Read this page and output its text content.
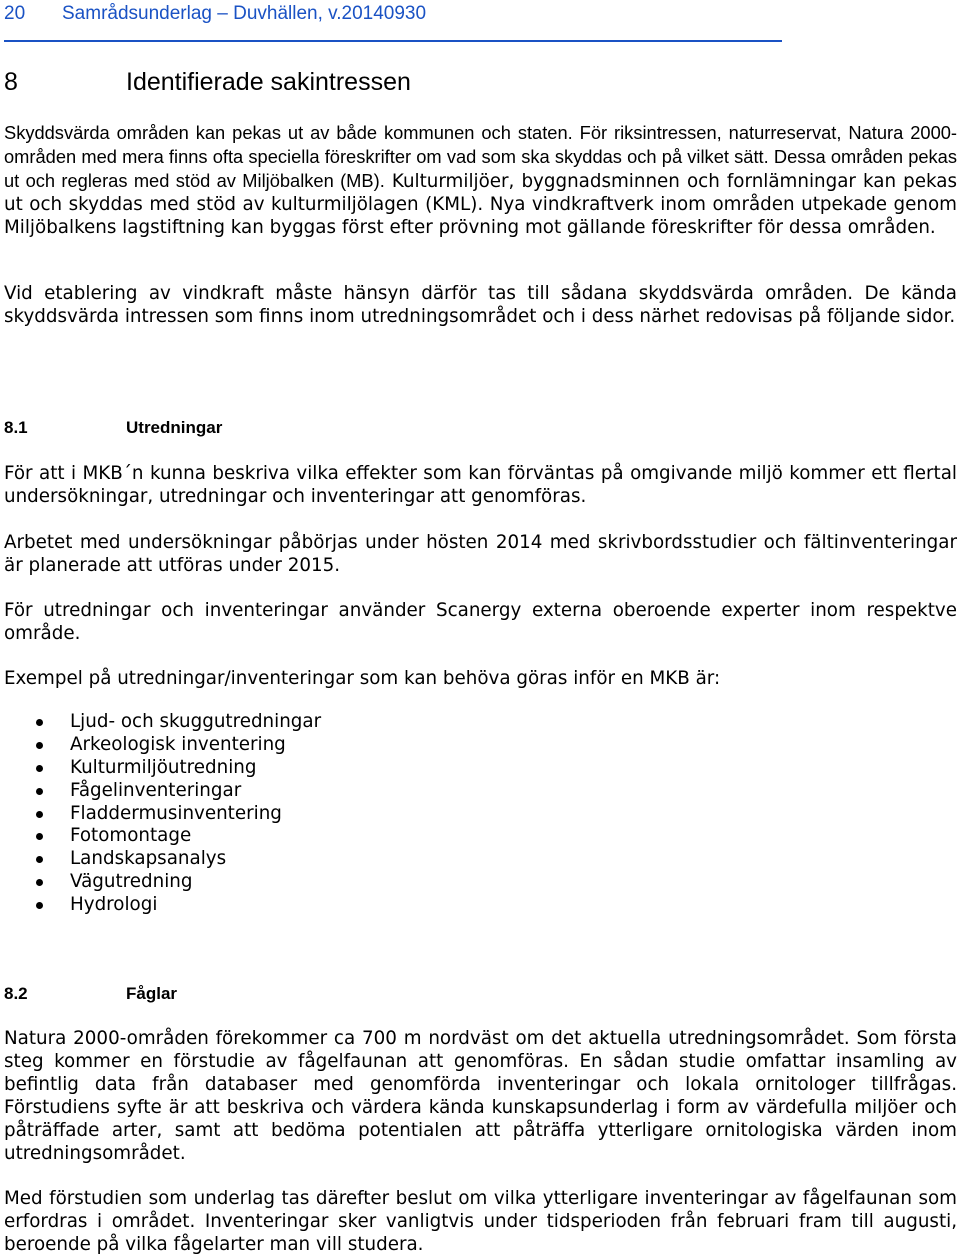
20 Samrådsunderlag – Duvhällen, v.20140930
8	Identifierade sakintressen

Skyddsvärda områden kan pekas ut av både kommunen och staten. För riksintressen, naturreservat, Natura 2000-områden med mera finns ofta speciella föreskrifter om vad som ska skyddas och på vilket sätt. Dessa områden pekas ut och regleras med stöd av Miljöbalken (MB). Kulturmiljöer, byggnadsminnen och fornlämningar kan pekas ut och skyddas med stöd av kulturmiljölagen (KML). Nya vindkraftverk inom områden utpekade genom Miljöbalkens lagstiftning kan byggas först efter prövning mot gällande föreskrifter för dessa områden.

Vid etablering av vindkraft måste hänsyn därför tas till sådana skyddsvärda områden. De kända skyddsvärda intressen som finns inom utredningsområdet och i dess närhet redovisas på följande sidor.

8.1	Utredningar

För att i MKB´n kunna beskriva vilka effekter som kan förväntas på omgivande miljö kommer ett flertal undersökningar, utredningar och inventeringar att genomföras.

Arbetet med undersökningar påbörjas under hösten 2014 med skrivbordsstudier och fältinventeringar är planerade att utföras under 2015.

För utredningar och inventeringar använder Scanergy externa oberoende experter inom respektve område.

Exempel på utredningar/inventeringar som kan behöva göras inför en MKB är:

Ljud- och skuggutredningar
Arkeologisk inventering
Kulturmiljöutredning
Fågelinventeringar
Fladdermusinventering
Fotomontage
Landskapsanalys
Vägutredning
Hydrologi
8.2	Fåglar

Natura 2000-områden förekommer ca 700 m nordväst om det aktuella utredningsområdet. Som första steg kommer en förstudie av fågelfaunan att genomföras. En sådan studie omfattar insamling av befintlig data från databaser med genomförda inventeringar och lokala ornitologer tillfrågas. Förstudiens syfte är att beskriva och värdera kända kunskapsunderlag i form av värdefulla miljöer och påträffade arter, samt att bedöma potentialen att påträffa ytterligare ornitologiska värden inom utredningsområdet.

Med förstudien som underlag tas därefter beslut om vilka ytterligare inventeringar av fågelfaunan som erfordras i området. Inventeringar sker vanligtvis under tidsperioden från februari fram till augusti, beroende på vilka fågelarter man vill studera.
